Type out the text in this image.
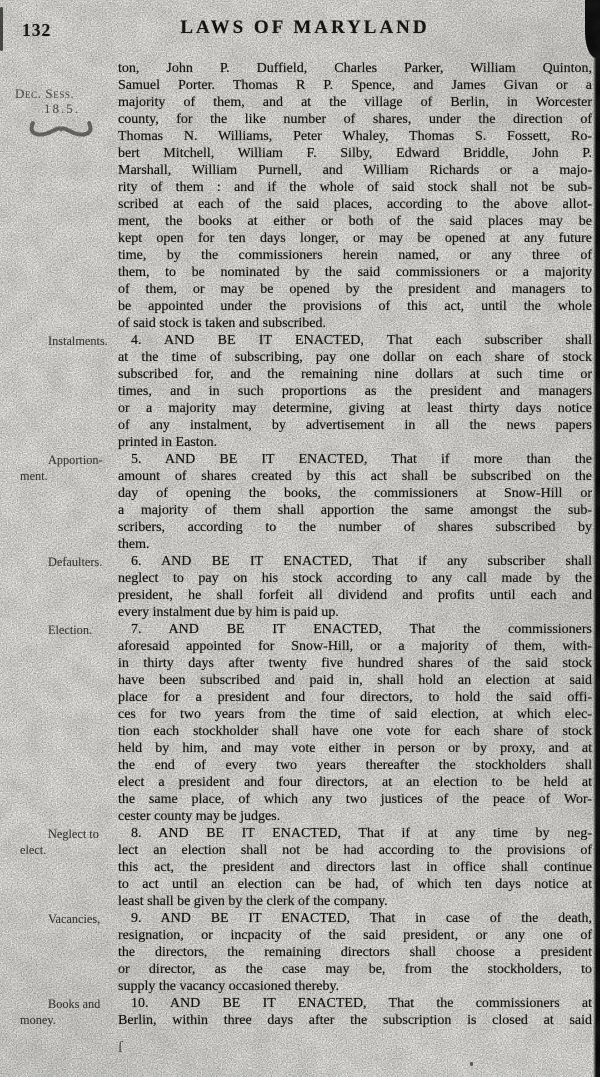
132	LAWS OF MARYLAND
Dec. Sess.
18.5.
ton, John P. Duffield, Charles Parker, William Quinton,
Samuel Porter. Thomas R P. Spence, and James Givan or a
majority of them, and at the village of Berlin, in Worcester
county, for the like number of shares, under the direction of
Thomas N. Williams, Peter Whaley, Thomas S. Fossett, Ro-
bert Mitchell, William F. Silby, Edward Briddle, John P.
Marshall, William Purnell, and William Richards or a majo-
rity of them : and if the whole of said stock shall not be sub-
scribed at each of the said places, according to the above allot-
ment, the books at either or both of the said places may be
kept open for ten days longer, or may be opened at any future
time, by the commissioners herein named, or any three of
them, to be nominated by the said commissioners or a majority
of them, or may be opened by the president and managers to
be appointed under the provisions of this act, until the whole
of said stock is taken and subscribed.
Instalments.	4. AND BE IT ENACTED, That each subscriber shall
at the time of subscribing, pay one dollar on each share of stock
subscribed for, and the remaining nine dollars at such time or
times, and in such proportions as the president and managers
or a majority may determine, giving at least thirty days notice
of any instalment, by advertisement in all the news papers
printed in Easton.
Apportion-
ment.
5. AND BE IT ENACTED, That if more than the
amount of shares created by this act shall be subscribed on the
day of opening the books, the commissioners at Snow-Hill or
a majority of them shall apportion the same amongst the sub-
scribers, according to the number of shares subscribed by
them.
Defaulters.	6. AND BE IT ENACTED, That if any subscriber shall
neglect to pay on his stock according to any call made by the
president, he shall forfeit all dividend and profits until each and
every instalment due by him is paid up.
Election.	7. AND BE IT ENACTED, That the commissioners
aforesaid appointed for Snow-Hill, or a majority of them, with-
in thirty days after twenty five hundred shares of the said stock
have been subscribed and paid in, shall hold an election at said
place for a president and four directors, to hold the said offi-
ces for two years from the time of said election, at which elec-
tion each stockholder shall have one vote for each share of stock
held by him, and may vote either in person or by proxy, and at
the end of every two years thereafter the stockholders shall
elect a president and four directors, at an election to be held at
the same place, of which any two justices of the peace of Wor-
cester county may be judges.
Neglect to
elect.
8. AND BE IT ENACTED, That if at any time by neg-
lect an election shall not be had according to the provisions of
this act, the president and directors last in office shall continue
to act until an election can be had, of which ten days notice at
least shall be given by the clerk of the company.
Vacancies,	9. AND BE IT ENACTED, That in case of the death,
resignation, or incpacity of the said president, or any one of
the directors, the remaining directors shall choose a president
or director, as the case may be, from the stockholders, to
supply the vacancy occasioned thereby.
Books and
money.
10. AND BE IT ENACTED, That the commissioners at
Berlin, within three days after the subscription is closed at said
ſ
